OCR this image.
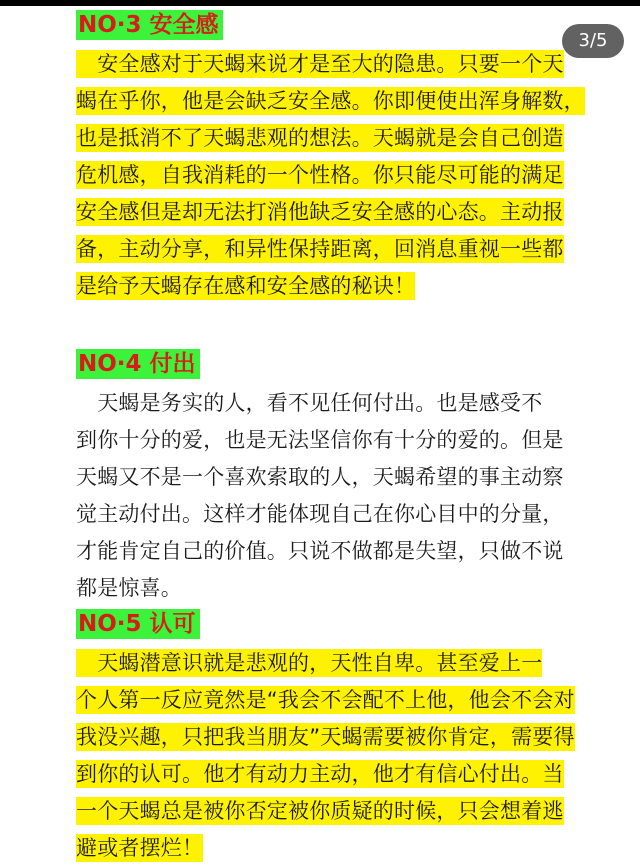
3/5
NO·3 安全感
　安全感对于天蝎来说才是至大的隐患。只要一个天
蝎在乎你，他是会缺乏安全感。你即便使出浑身解数，
也是抵消不了天蝎悲观的想法。天蝎就是会自己创造
危机感，自我消耗的一个性格。你只能尽可能的满足
安全感但是却无法打消他缺乏安全感的心态。主动报
备，主动分享，和异性保持距离，回消息重视一些都
是给予天蝎存在感和安全感的秘诀！
NO·4 付出
　天蝎是务实的人，看不见任何付出。也是感受不
到你十分的爱，也是无法坚信你有十分的爱的。但是
天蝎又不是一个喜欢索取的人，天蝎希望的事主动察
觉主动付出。这样才能体现自己在你心目中的分量，
才能肯定自己的价值。只说不做都是失望，只做不说
都是惊喜。
NO·5 认可
　天蝎潜意识就是悲观的，天性自卑。甚至爱上一
个人第一反应竟然是“我会不会配不上他，他会不会对
我没兴趣，只把我当朋友”天蝎需要被你肯定，需要得
到你的认可。他才有动力主动，他才有信心付出。当
一个天蝎总是被你否定被你质疑的时候，只会想着逃
避或者摆烂！
